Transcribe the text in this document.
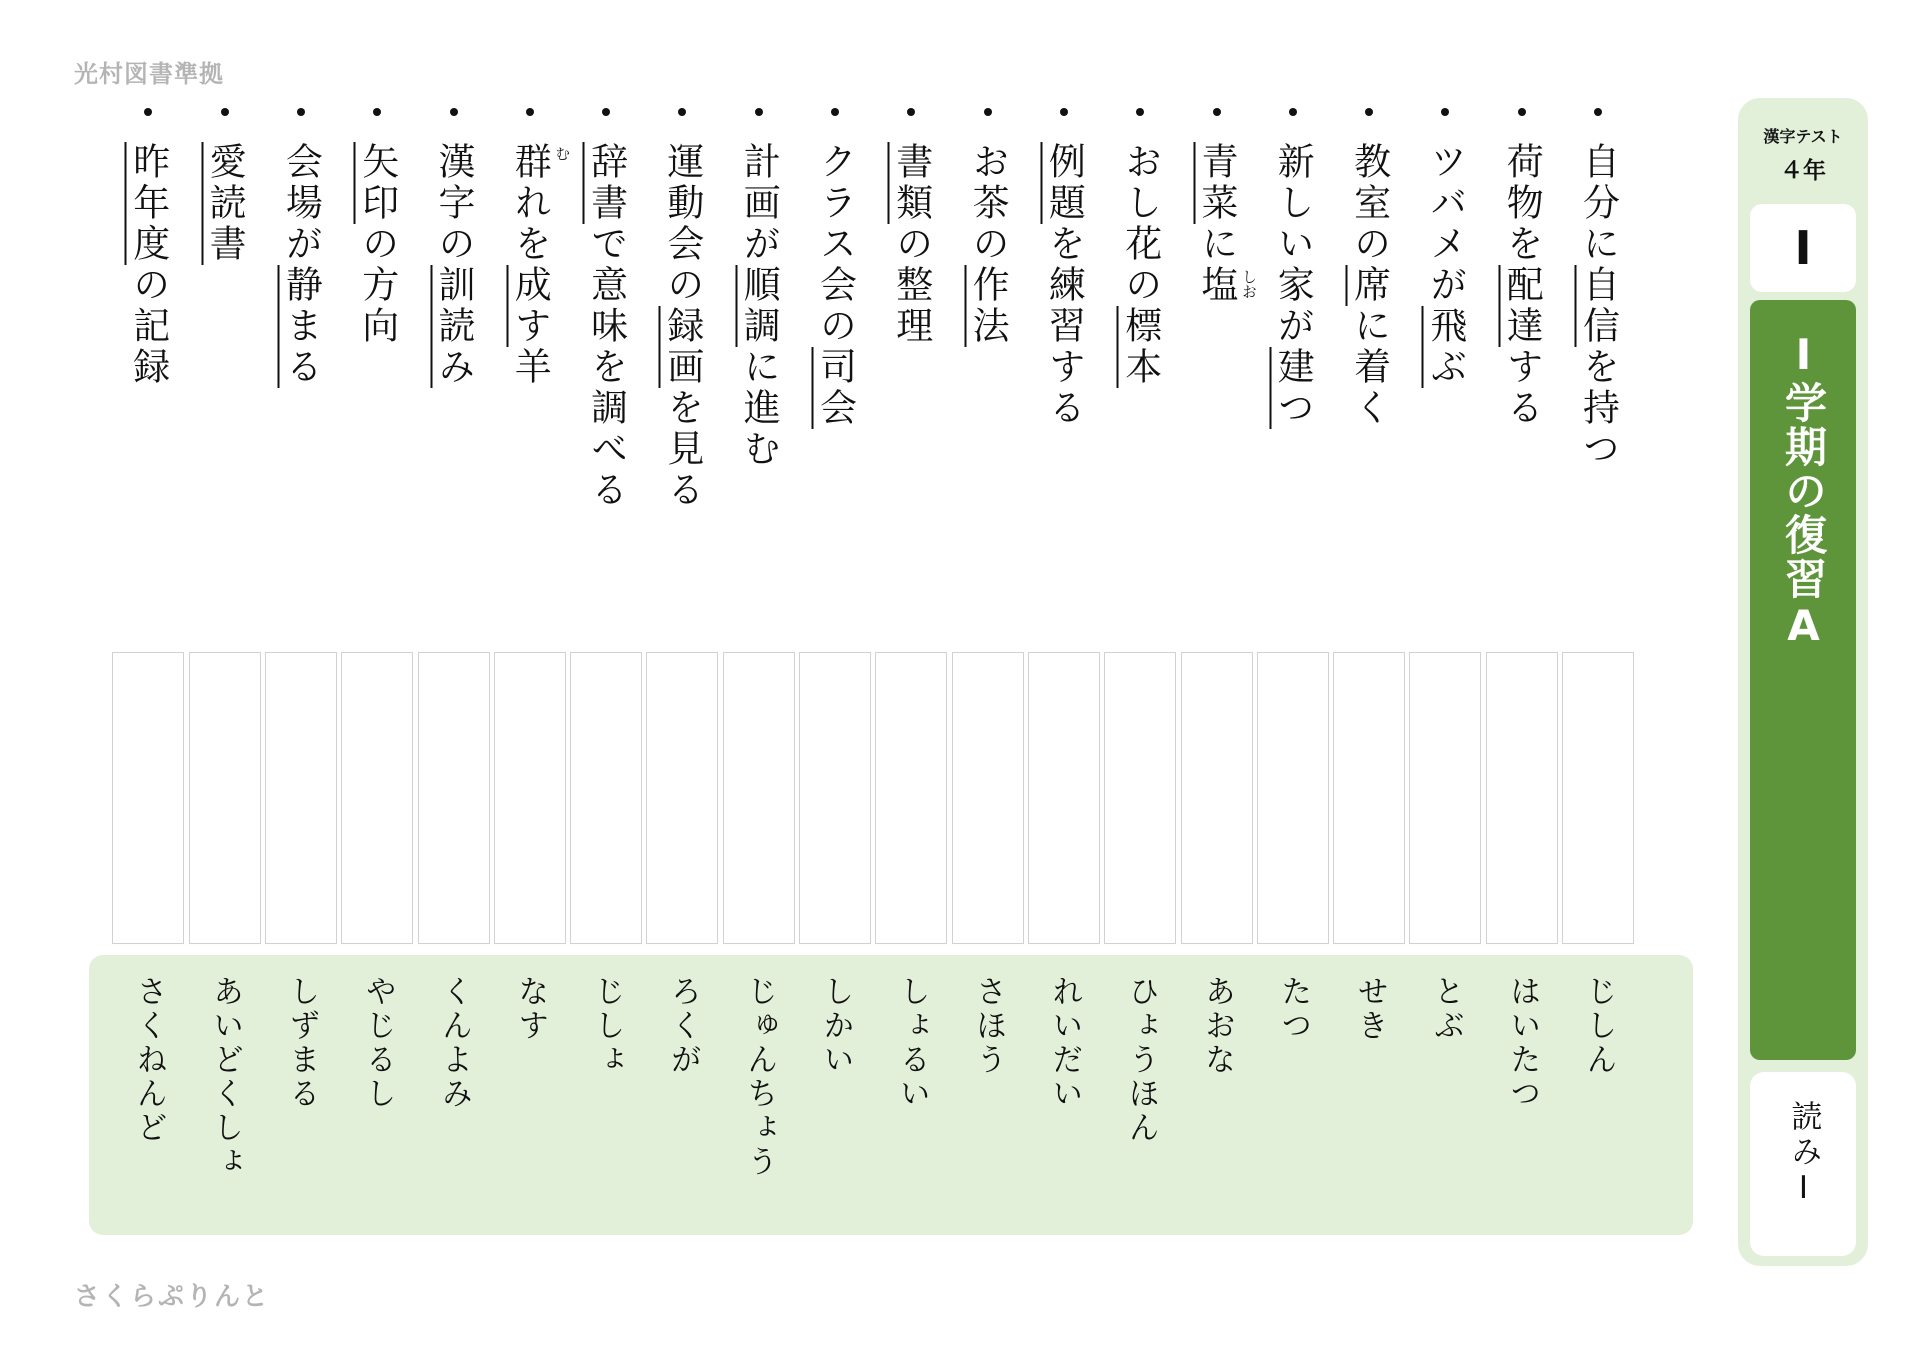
光村図書準拠
自分に自信を持つ
荷物を配達する
ツバメが飛ぶ
教室の席に着く
新しい家が建つ
青菜に塩 しお
おし花の標本
例題を練習する
お茶の作法
書類の整理
クラス会の司会
計画が順調に進む
運動会の録画を見る
辞書で意味を調べる
群れを成す羊
む
漢字の訓読み
矢印の方向
会場が静まる
愛読書
昨年度の記録
じしん
はいたつ
とぶ
せき
たつ
あおな
ひょうほん
れいだい
さほう
しょるい
しかい
じゅんちょう
ろくが
じしょ
なす
くんよみ
やじるし
しずまる
あいどくしょ
さくねんど
漢字テスト
４年
I
I学期の復習A
読みI
さくらぷりんと
